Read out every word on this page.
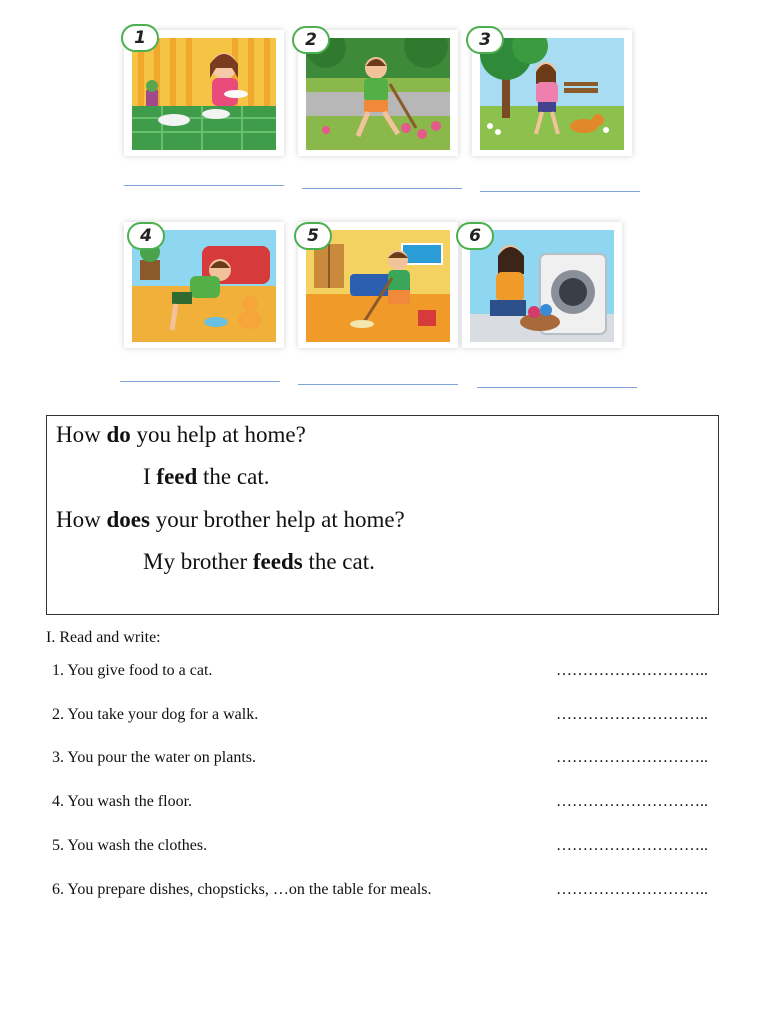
1	2	3
4	5	6
How do you help at home?
I feed the cat.
How does your brother help at home?
My brother feeds the cat.
I. Read and write:
1. You give food to a cat.	………………………..
2. You take your dog for a walk.	………………………..
3. You pour the water on plants.	………………………..
4. You wash the floor.	………………………..
5. You wash the clothes.	………………………..
6. You prepare dishes, chopsticks, …on the table for meals.	………………………..
